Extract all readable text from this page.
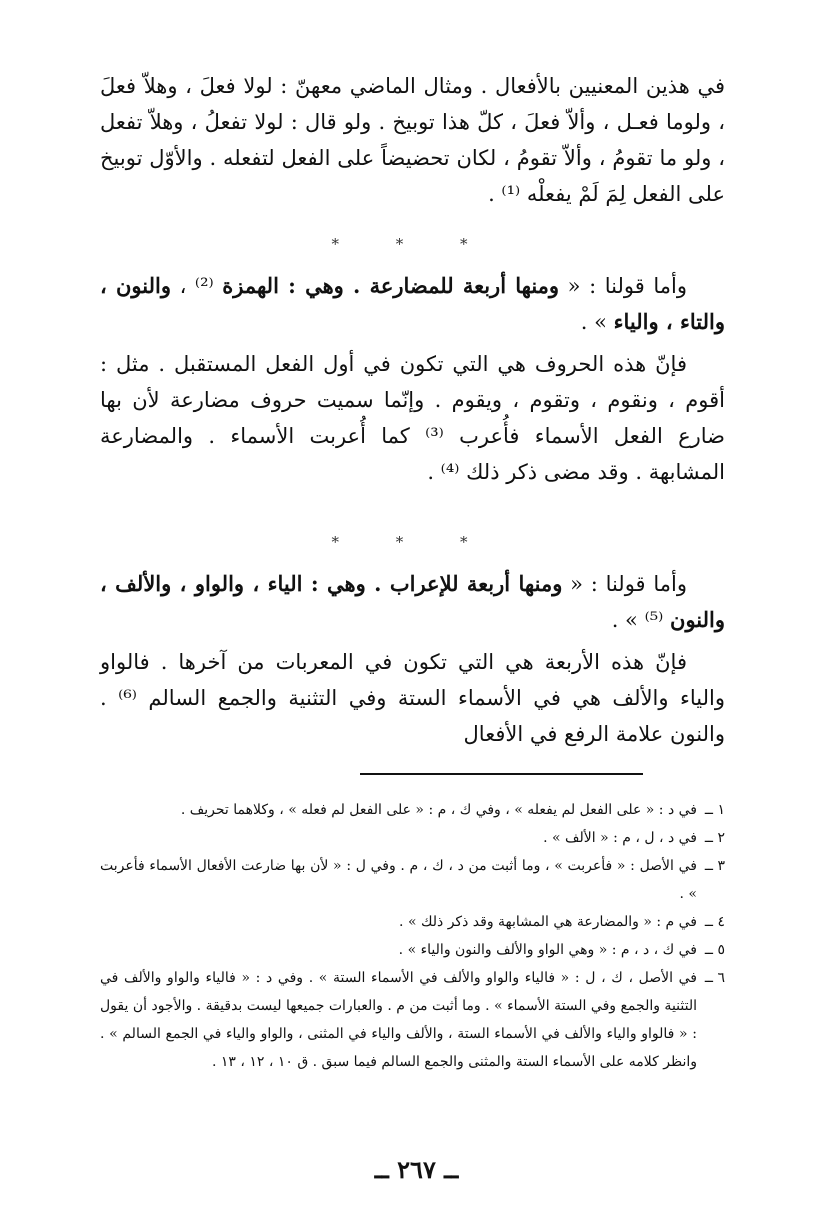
في هذين المعنيين بالأفعال . ومثال الماضي معهنّ : لولا فعلَ ، وهلاّ فعلَ ، ولوما فعـل ، وألاّ فعلَ ، كلّ هذا توبيخ . ولو قال : لولا تفعلُ ، وهلاّ تفعل ، ولو ما تقومُ ، وألاّ تقومُ ، لكان تحضيضاً على الفعل لتفعله . والأوّل توبيخ على الفعل لِمَ لَمْ يفعلْه ⁽¹⁾ .

* * *

وأما قولنا : « ومنها أربعة للمضارعة . وهي : الهمزة ⁽²⁾ ، والنون ، والتاء ، والياء » .

فإنّ هذه الحروف هي التي تكون في أول الفعل المستقبل . مثل : أقوم ، ونقوم ، وتقوم ، ويقوم . وإنّما سميت حروف مضارعة لأن بها ضارع الفعل الأسماء فأُعرب ⁽³⁾ كما أُعربت الأسماء . والمضارعة المشابهة . وقد مضى ذكر ذلك ⁽⁴⁾ .

* * *

وأما قولنا : « ومنها أربعة للإعراب . وهي : الياء ، والواو ، والألف ، والنون ⁽⁵⁾ » .

فإنّ هذه الأربعة هي التي تكون في المعربات من آخرها . فالواو والياء والألف هي في الأسماء الستة وفي التثنية والجمع السالم ⁽⁶⁾ . والنون علامة الرفع في الأفعال

١ ــ
في د : « على الفعل لم يفعله » ، وفي ك ، م : « على الفعل لم فعله » ، وكلاهما تحريف .
٢ ــ
في د ، ل ، م : « الألف » .
٣ ــ
في الأصل : « فأعربت » ، وما أثبت من د ، ك ، م . وفي ل : « لأن بها ضارعت الأفعال الأسماء فأعربت » .
٤ ــ
في م : « والمضارعة هي المشابهة وقد ذكر ذلك » .
٥ ــ
في ك ، د ، م : « وهي الواو والألف والنون والياء » .
٦ ــ
في الأصل ، ك ، ل : « فالياء والواو والألف في الأسماء الستة » . وفي د : « فالياء والواو والألف في التثنية والجمع وفي الستة الأسماء » . وما أثبت من م . والعبارات جميعها ليست بدقيقة . والأجود أن يقول : « فالواو والياء والألف في الأسماء الستة ، والألف والياء في المثنى ، والواو والياء في الجمع السالم » . وانظر كلامه على الأسماء الستة والمثنى والجمع السالم فيما سبق . ق ١٠ ، ١٢ ، ١٣ .
ــ ٢٦٧ ــ
